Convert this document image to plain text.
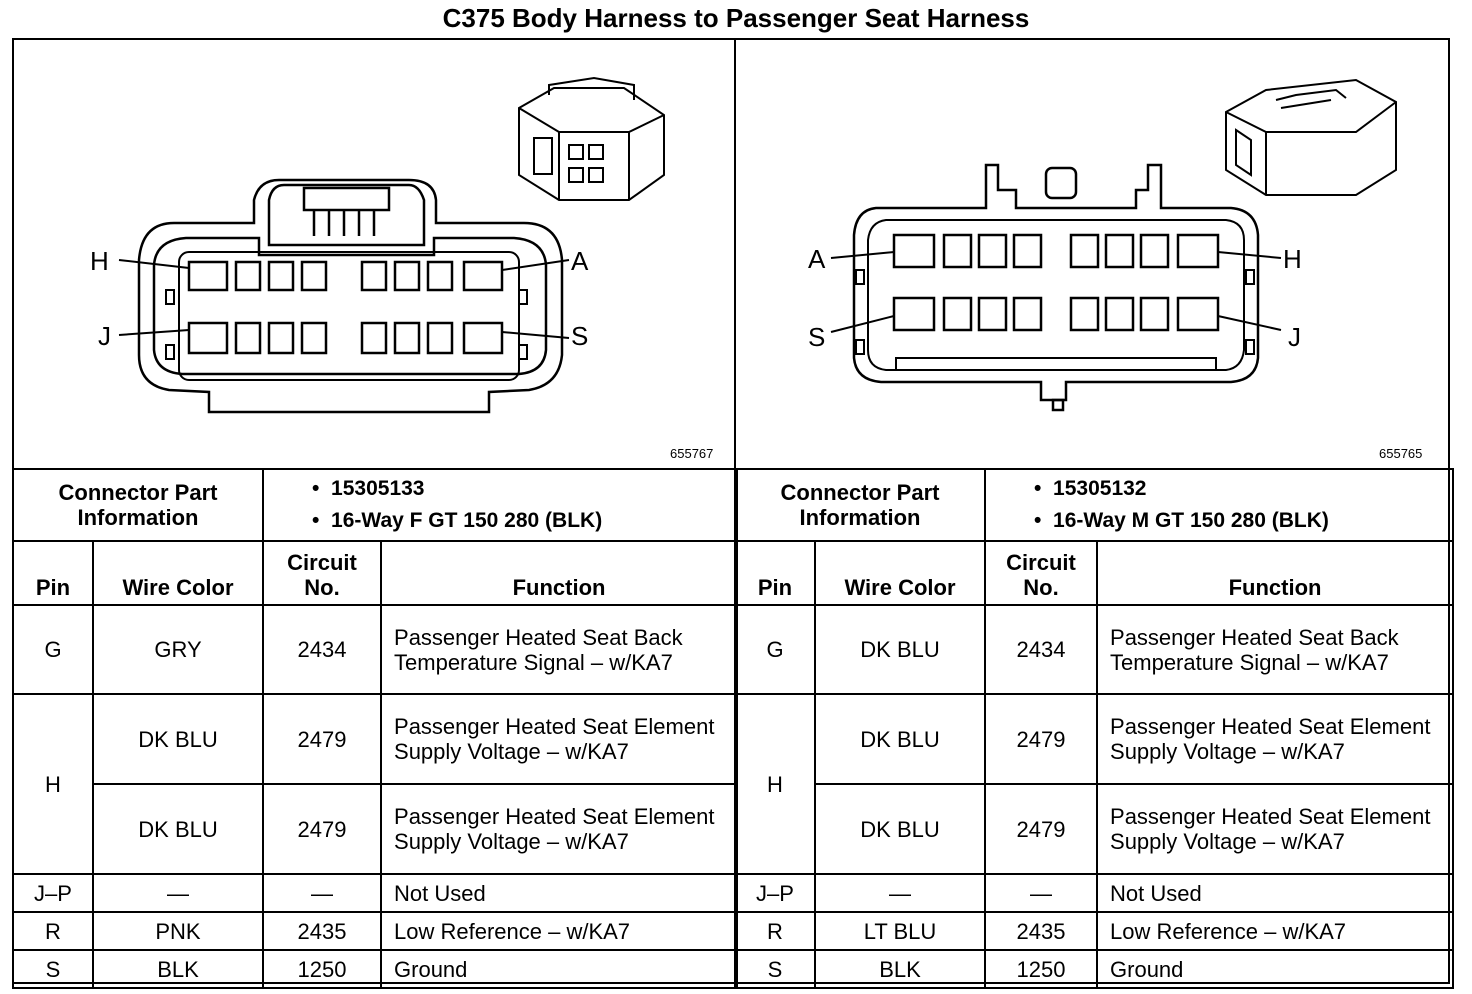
C375 Body Harness to Passenger Seat Harness
H	A
J	S
655767
A	H
S	J
655765
Connector Part Information		•  15305133
•  16-Way F GT 150 280 (BLK)	

Pin	Wire Color	Circuit No.	Function
G	GRY	2434	Passenger Heated Seat Back Temperature Signal – w/KA7
H	DK BLU	2479	Passenger Heated Seat Element Supply Voltage – w/KA7
	DK BLU	2479	Passenger Heated Seat Element Supply Voltage – w/KA7
J–P	—	—	Not Used
R	PNK	2435	Low Reference – w/KA7
S	BLK	1250	Ground
Connector Part Information		•  15305132
•  16-Way M GT 150 280 (BLK)	

Pin	Wire Color	Circuit No.	Function
G	DK BLU	2434	Passenger Heated Seat Back Temperature Signal – w/KA7
H	DK BLU	2479	Passenger Heated Seat Element Supply Voltage – w/KA7
	DK BLU	2479	Passenger Heated Seat Element Supply Voltage – w/KA7
J–P	—	—	Not Used
R	LT BLU	2435	Low Reference – w/KA7
S	BLK	1250	Ground
